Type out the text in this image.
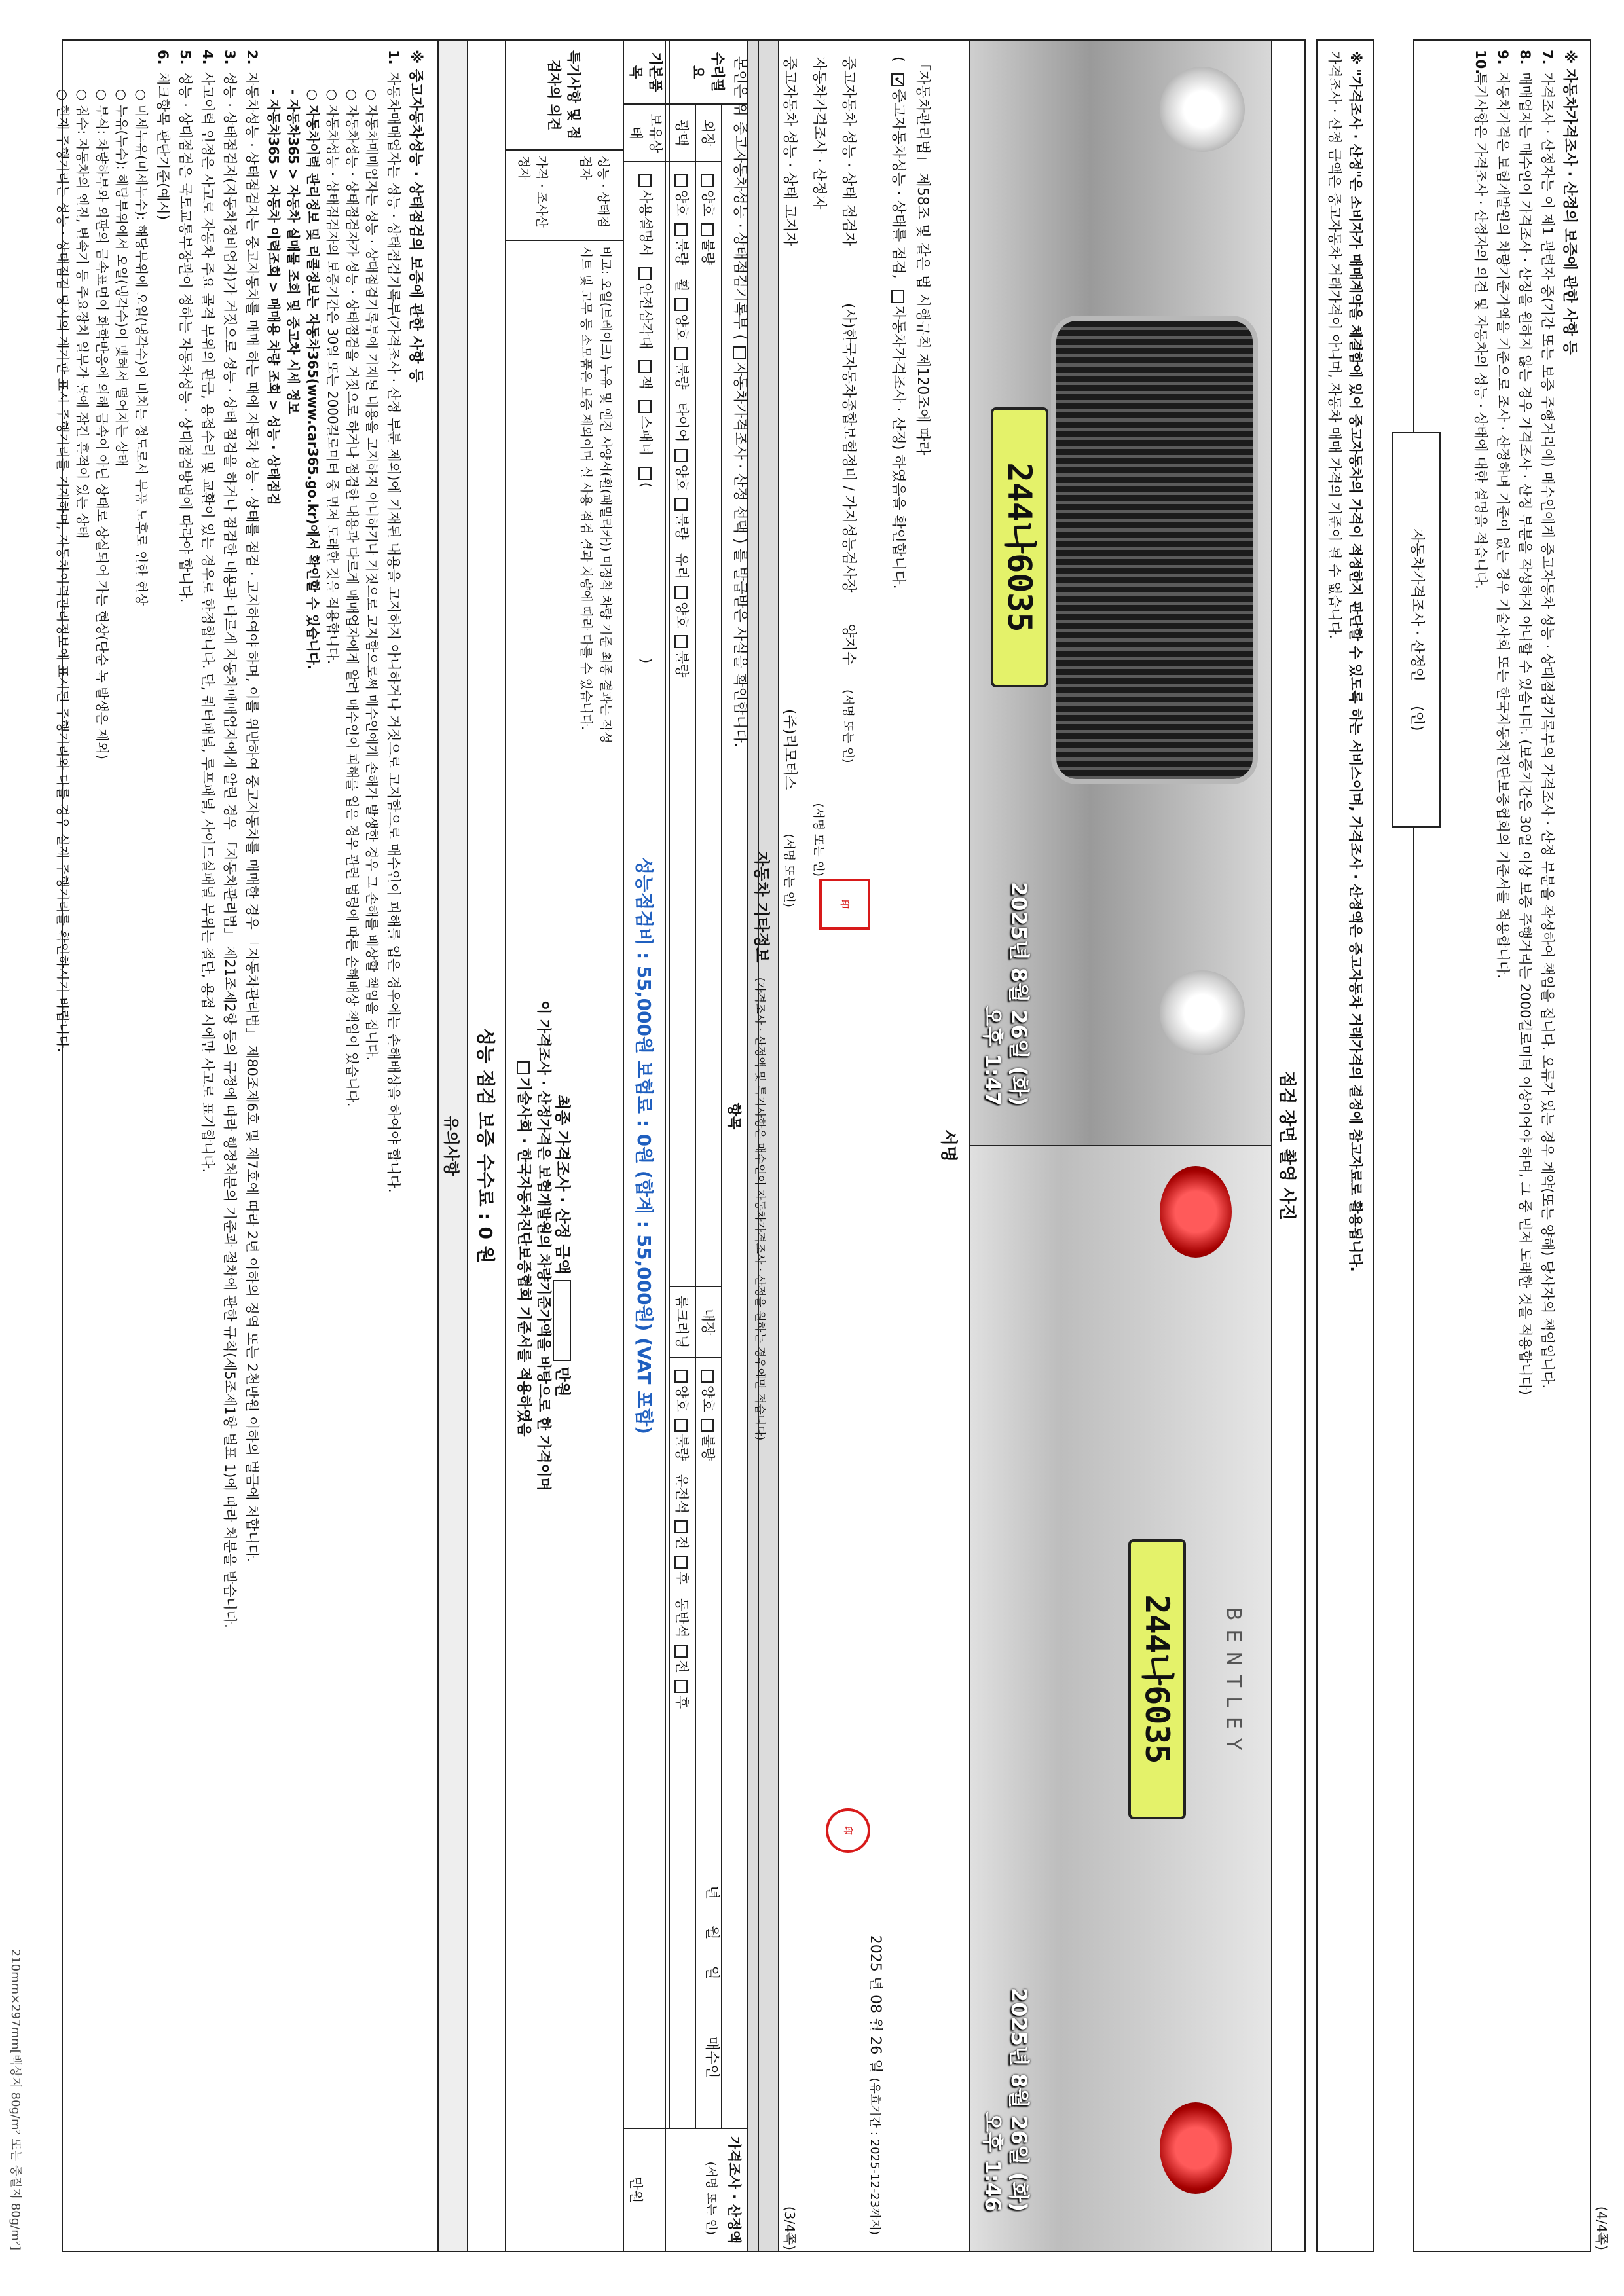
(3/4쪽)
자동차 기타정보 (가격조사 · 산정액 및 특기사항은 매수인이 자동차가격조사 · 산정을 원하는 경우에만 적습니다)
수리필요	항목				가격조사 · 산정액
만원

	외장	양호불량	내장	양호불량	
	광택	양호불량   휠양호불량   타이어양호불량   유리양호불량	룸크리닝	양호불량   운전석전후   동반석전후	
기본품목	보유상태	사용설명서 안전삼각대 잭 스패너 ()			
특기사항 및 점검자의 의견	
성능 · 상태점검자
가격 · 조사산정자

비고: 오일(브레이크) 누유 및 엔진 사양서(휠(패밀리카)) 미장착 차량 기준 최종 결과는 작성
시트 및 고무 등 소모품은 보증 제외이며 실 사용 점검 결과 차량에 따라 다를 수 있습니다.
최종 가격조사 · 산정 금액  만원
이 가격조사 · 산정가격은 보험개발원의 차량기준가액을 바탕으로 한 가격이며
기술사회 · 한국자동차진단보증협회 기준서를 적용하였음
성능 점검 보증 수수료 : 0 원
유의사항
※ 중고자동차성능 · 상태점검의 보증에 관한 사항 등
1.자동차매매업자는 성능 · 상태점검기록부(가격조사 · 산정 부분 제외)에 기재된 내용을 고지하지 아니하거나 거짓으로 고지함으로 매수인이 피해를 입은 경우에는 손해배상을 하여야 합니다.
○ 자동차매매업자는 성능 · 상태점검기록부에 기재된 내용을 고지하지 아니하거나 거짓으로 고지함으로써 매수인에게 손해가 발생한 경우 그 손해를 배상할 책임을 집니다.
○ 자동차성능 · 상태점검자가 성능 · 상태점검을 거짓으로 하거나 점검한 내용과 다르게 매매업자에게 알려 매수인이 피해를 입은 경우 관련 법령에 따른 손해배상 책임이 있습니다.
○ 자동차성능 · 상태점검자의 보증기간은 30일 또는 2000킬로미터 중 먼저 도래한 것을 적용합니다.
○ 자동차이력 관리정보 및 리콜정보는 자동차365(www.car365.go.kr)에서 확인할 수 있습니다.
- 자동차365 > 자동차 실매물 조회 및 중고차 시세 정보
- 자동차365 > 자동차 이력조회 > 매매용 차량 조회 > 성능 · 상태점검
2.자동차성능 · 상태점검자는 중고자동차를 매매 하는 때에 자동차 성능 · 상태를 점검 · 고지하여야 하며, 이를 위반하여 중고자동차를 매매한 경우 「자동차관리법」 제80조제6호 및 제7호에 따라 2년 이하의 징역 또는 2천만원 이하의 벌금에 처합니다.
3.성능 · 상태점검자(자동차정비업자)가 거짓으로 성능 · 상태 점검을 하거나 점검한 내용과 다르게 자동차매매업자에게 알린 경우 「자동차관리법」 제21조제2항 등의 규정에 따라 행정처분의 기준과 절차에 관한 규칙(제5조제1항 별표 1)에 따라 처분을 받습니다.
4.사고이력 인정은 사고로 자동차 주요 골격 부위의 판금, 용접수리 및 교환이 있는 경우로 한정합니다. 단, 쿼터패널, 루프패널, 사이드실패널 부위는 절단, 용접 시에만 사고로 표기합니다.
5.성능 · 상태점검은 국토교통부장관이 정하는 자동차성능 · 상태점검방법에 따라야 합니다.
6.체크항목 판단기준(예시)
○ 미세누유(미세누수): 해당부위에 오일(냉각수)이 비치는 정도로서 부품 노후로 인한 현상
○ 누유(누수): 해당부위에서 오일(냉각수)이 맺혀서 떨어지는 상태
○ 부식: 차량하부와 외판의 금속표면이 화학반응에 의해 금속이 아닌 상태로 상실되어 가는 현상(단순 녹 발생은 제외)
○ 침수: 자동차의 엔진, 변속기 등 주요장치 일부가 물에 잠긴 흔적이 있는 상태
○ 현재 주행거리는 성능 · 상태점검 당시의 계기판 표시 주행거리를 기재하며, 자동차이력관리정보에 표시된 주행거리와 다를 경우 실제 주행거리를 확인하시기 바랍니다.
210mm×297mm[백상지 80g/m² 또는 중질지 80g/m²]	(4/4쪽)
※ 자동차가격조사 · 산정의 보증에 관한 사항 등
7.가격조사 · 산정자는 이 제1 관련자 중(기간 또는 보증 주행거리에) 매수인에게 중고자동차 성능 · 상태점검기록부의 가격조사 · 산정 부분을 작성하여 책임을 집니다. 오류가 있는 경우 계약(또는 양해) 당사자의 책임입니다.
8.매매업자는 매수인이 가격조사 · 산정을 원하지 않는 경우 가격조사 · 산정 부분을 작성하지 아니할 수 있습니다. (보증기간은 30일 이상 보증 주행거리는 2000킬로미터 이상이어야 하며, 그 중 먼저 도래한 것을 적용합니다)
9.자동차가격은 보험개발원의 차량기준가액을 기준으로 조사 · 산정하며 기준이 없는 경우 기술사회 또는 한국자동차진단보증협회의 기준서를 적용합니다.
10.특기사항은 가격조사 · 산정자의 의견 및 자동차의 성능 · 상태에 대한 설명을 적습니다.
자동차가격조사 · 산정인 (인)
※ "가격조사 · 산정"은 소비자가 매매계약을 체결함에 있어 중고자동차의 가격이 적정한지 판단할 수 있도록 하는 서비스이며, 가격조사 · 산정액은 중고자동차 거래가격의 결정에 참고자료로 활용됩니다.
가격조사 · 산정 금액은 중고자동차 거래가격이 아니며, 자동차 매매 가격의 기준이 될 수 없습니다.
점검 장면 촬영 사진
244나6035
2025년 8월 26일 (화)
오후 1:47
BENTLEY
244나6035
2025년 8월 26일 (화)
오후 1:46
서명
「자동차관리법」 제58조 및 같은 법 시행규칙 제120조에 따라
( ✓중고자동차성능 · 상태를 점검, 자동차가격조사 · 산정) 하였음을 확인합니다.
2025 년 08 월 26 일 (유효기간 : 2025-12-23까지)
중고자동차 성능 · 상태 점검자 (사)한국자동차종합보험정비 / 가지성능검사장 양지수 (서명 또는 인)
자동차가격조사 · 산정자 (서명 또는 인)
중고자동차 성능 · 상태 고지자 (주)리모터스 (서명 또는 인)	印
印
본인은 위 중고자동차성능 · 상태점검기록부 (자동차가격조사 · 산정 선택 ) 를 발급받은 사실을 확인합니다.
년월일 매수인 (서명 또는 인)
성능점검비 : 55,000원 보험료 : 0원 (합계 : 55,000원) (VAT 포함)
